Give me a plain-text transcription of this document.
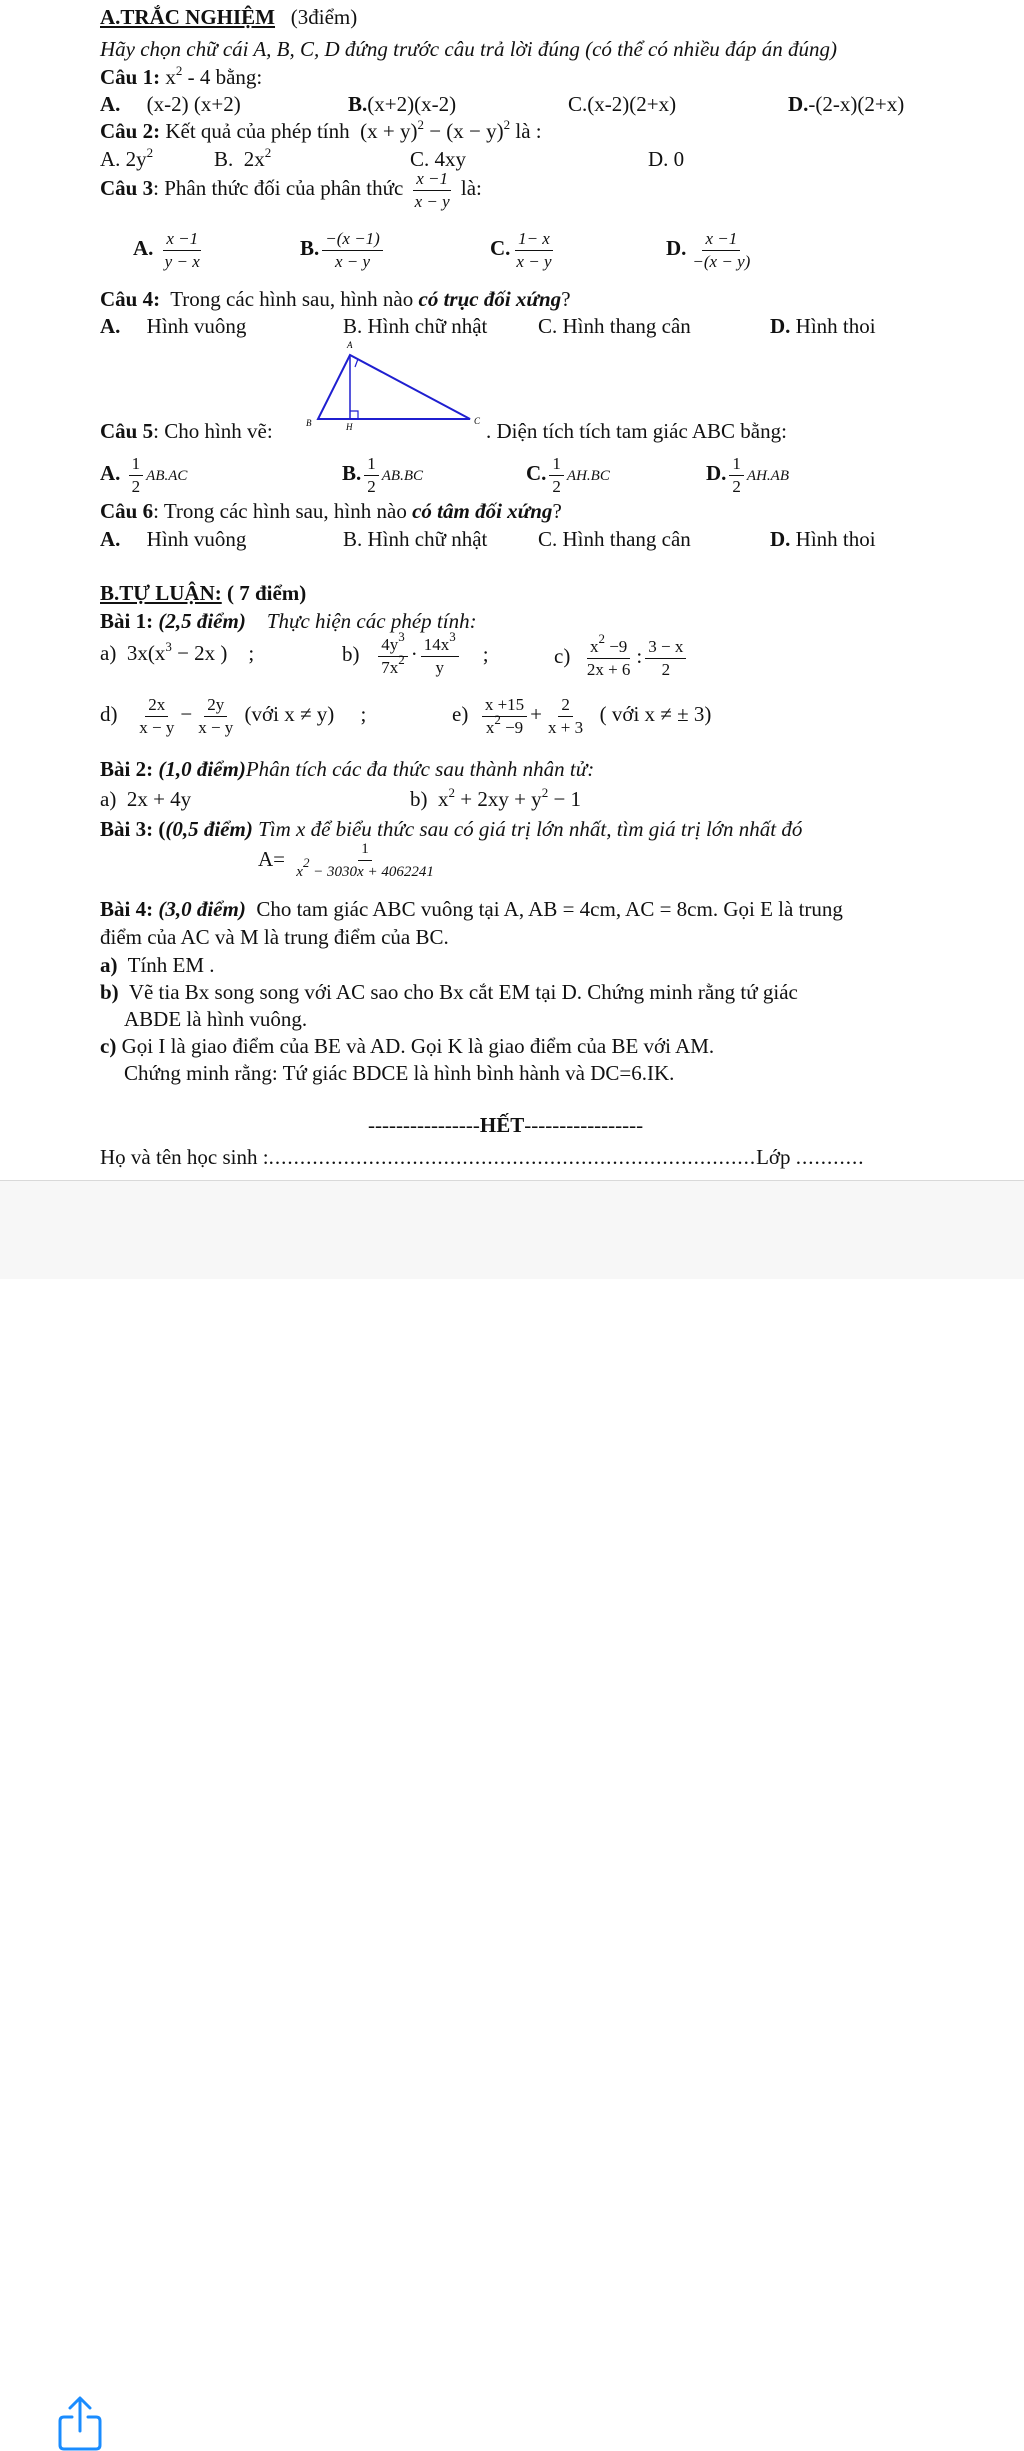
A.TRẮC NGHIỆM (3điểm)
Hãy chọn chữ cái A, B, C, D đứng trước câu trả lời đúng (có thể có nhiều đáp án đúng)
Câu 1: $x^2 - 4$ bằng:
A. (x-2) (x+2)	B.(x+2)(x-2)	C.(x-2)(2+x)	D.-(2-x)(2+x)
Câu 2: Kết quả của phép tính  $(x + y)^2 - (x - y)^2$ là :
A. $2y^2$	B. $2x^2$	C. 4xy	D. 0
Câu 3: Phân thức đối của phân thức $\frac{x -1}{x - y}$ là:
A. $\frac{x -1}{y - x}$	B. $\frac{-(x -1)}{x - y}$	C. $\frac{1- x}{x - y}$	D. $\frac{x -1}{-(x - y)}$
Câu 4: Trong các hình sau, hình nào có trục đối xứng?
A. Hình vuông	B. Hình chữ nhật C. Hình thang cân	D. Hình thoi
A
B	H
C
Câu 5: Cho hình vẽ:	. Diện tích tích tam giác ABC bằng:
A. $\frac{1}{2} AB.AC$	B. $\frac{1}{2} AB.BC$	C. $\frac{1}{2} AH.BC$	D. $\frac{1}{2} AH.AB$
Câu 6: Trong các hình sau, hình nào có tâm đối xứng?
A. Hình vuông	B. Hình chữ nhật C. Hình thang cân	D. Hình thoi
B.TỰ LUẬN: ( 7 điểm)
Bài 1: (2,5 điểm) Thực hiện các phép tính:
a)  $3x(x^3 - 2x$ )    ;	$b) \frac{4y^3}{7x^2} \cdot \frac{14x^3}{y}$ ;	$c) \frac{x^2 -9}{2x + 6}$ : $\frac{3 - x}{2}$
$d) \frac{2x}{x - y} - \frac{2y}{x - y}$ (với x ≠ y)     ;	$e) \frac{x +15}{x^2 -9} + \frac{2}{x + 3}$ ( với x ≠ ± 3)
Bài 2: (1,0 điểm)Phân tích các đa thức sau thành nhân tử:
a) 2x + 4y	b)  $x^2 + 2xy + y^2 - 1$
Bài 3: ((0,5 điểm) Tìm x để biểu thức sau có giá trị lớn nhất, tìm giá trị lớn nhất đó
$A= \frac{1}{x^2 - 3030x + 4062241}$
Bài 4: (3,0 điểm) Cho tam giác ABC vuông tại A, AB = 4cm, AC = 8cm. Gọi E là trung
điểm của AC và M là trung điểm của BC.
a) Tính EM .
b) Vẽ tia Bx song song với AC sao cho Bx cắt EM tại D. Chứng minh rằng tứ giác
ABDE là hình vuông.
c) Gọi I là giao điểm của BE và AD. Gọi K là giao điểm của BE với AM.
Chứng minh rằng: Tứ giác BDCE là hình bình hành và DC=6.IK.
----------------HẾT-----------------
Họ và tên học sinh :..............................................................................Lớp ...........
